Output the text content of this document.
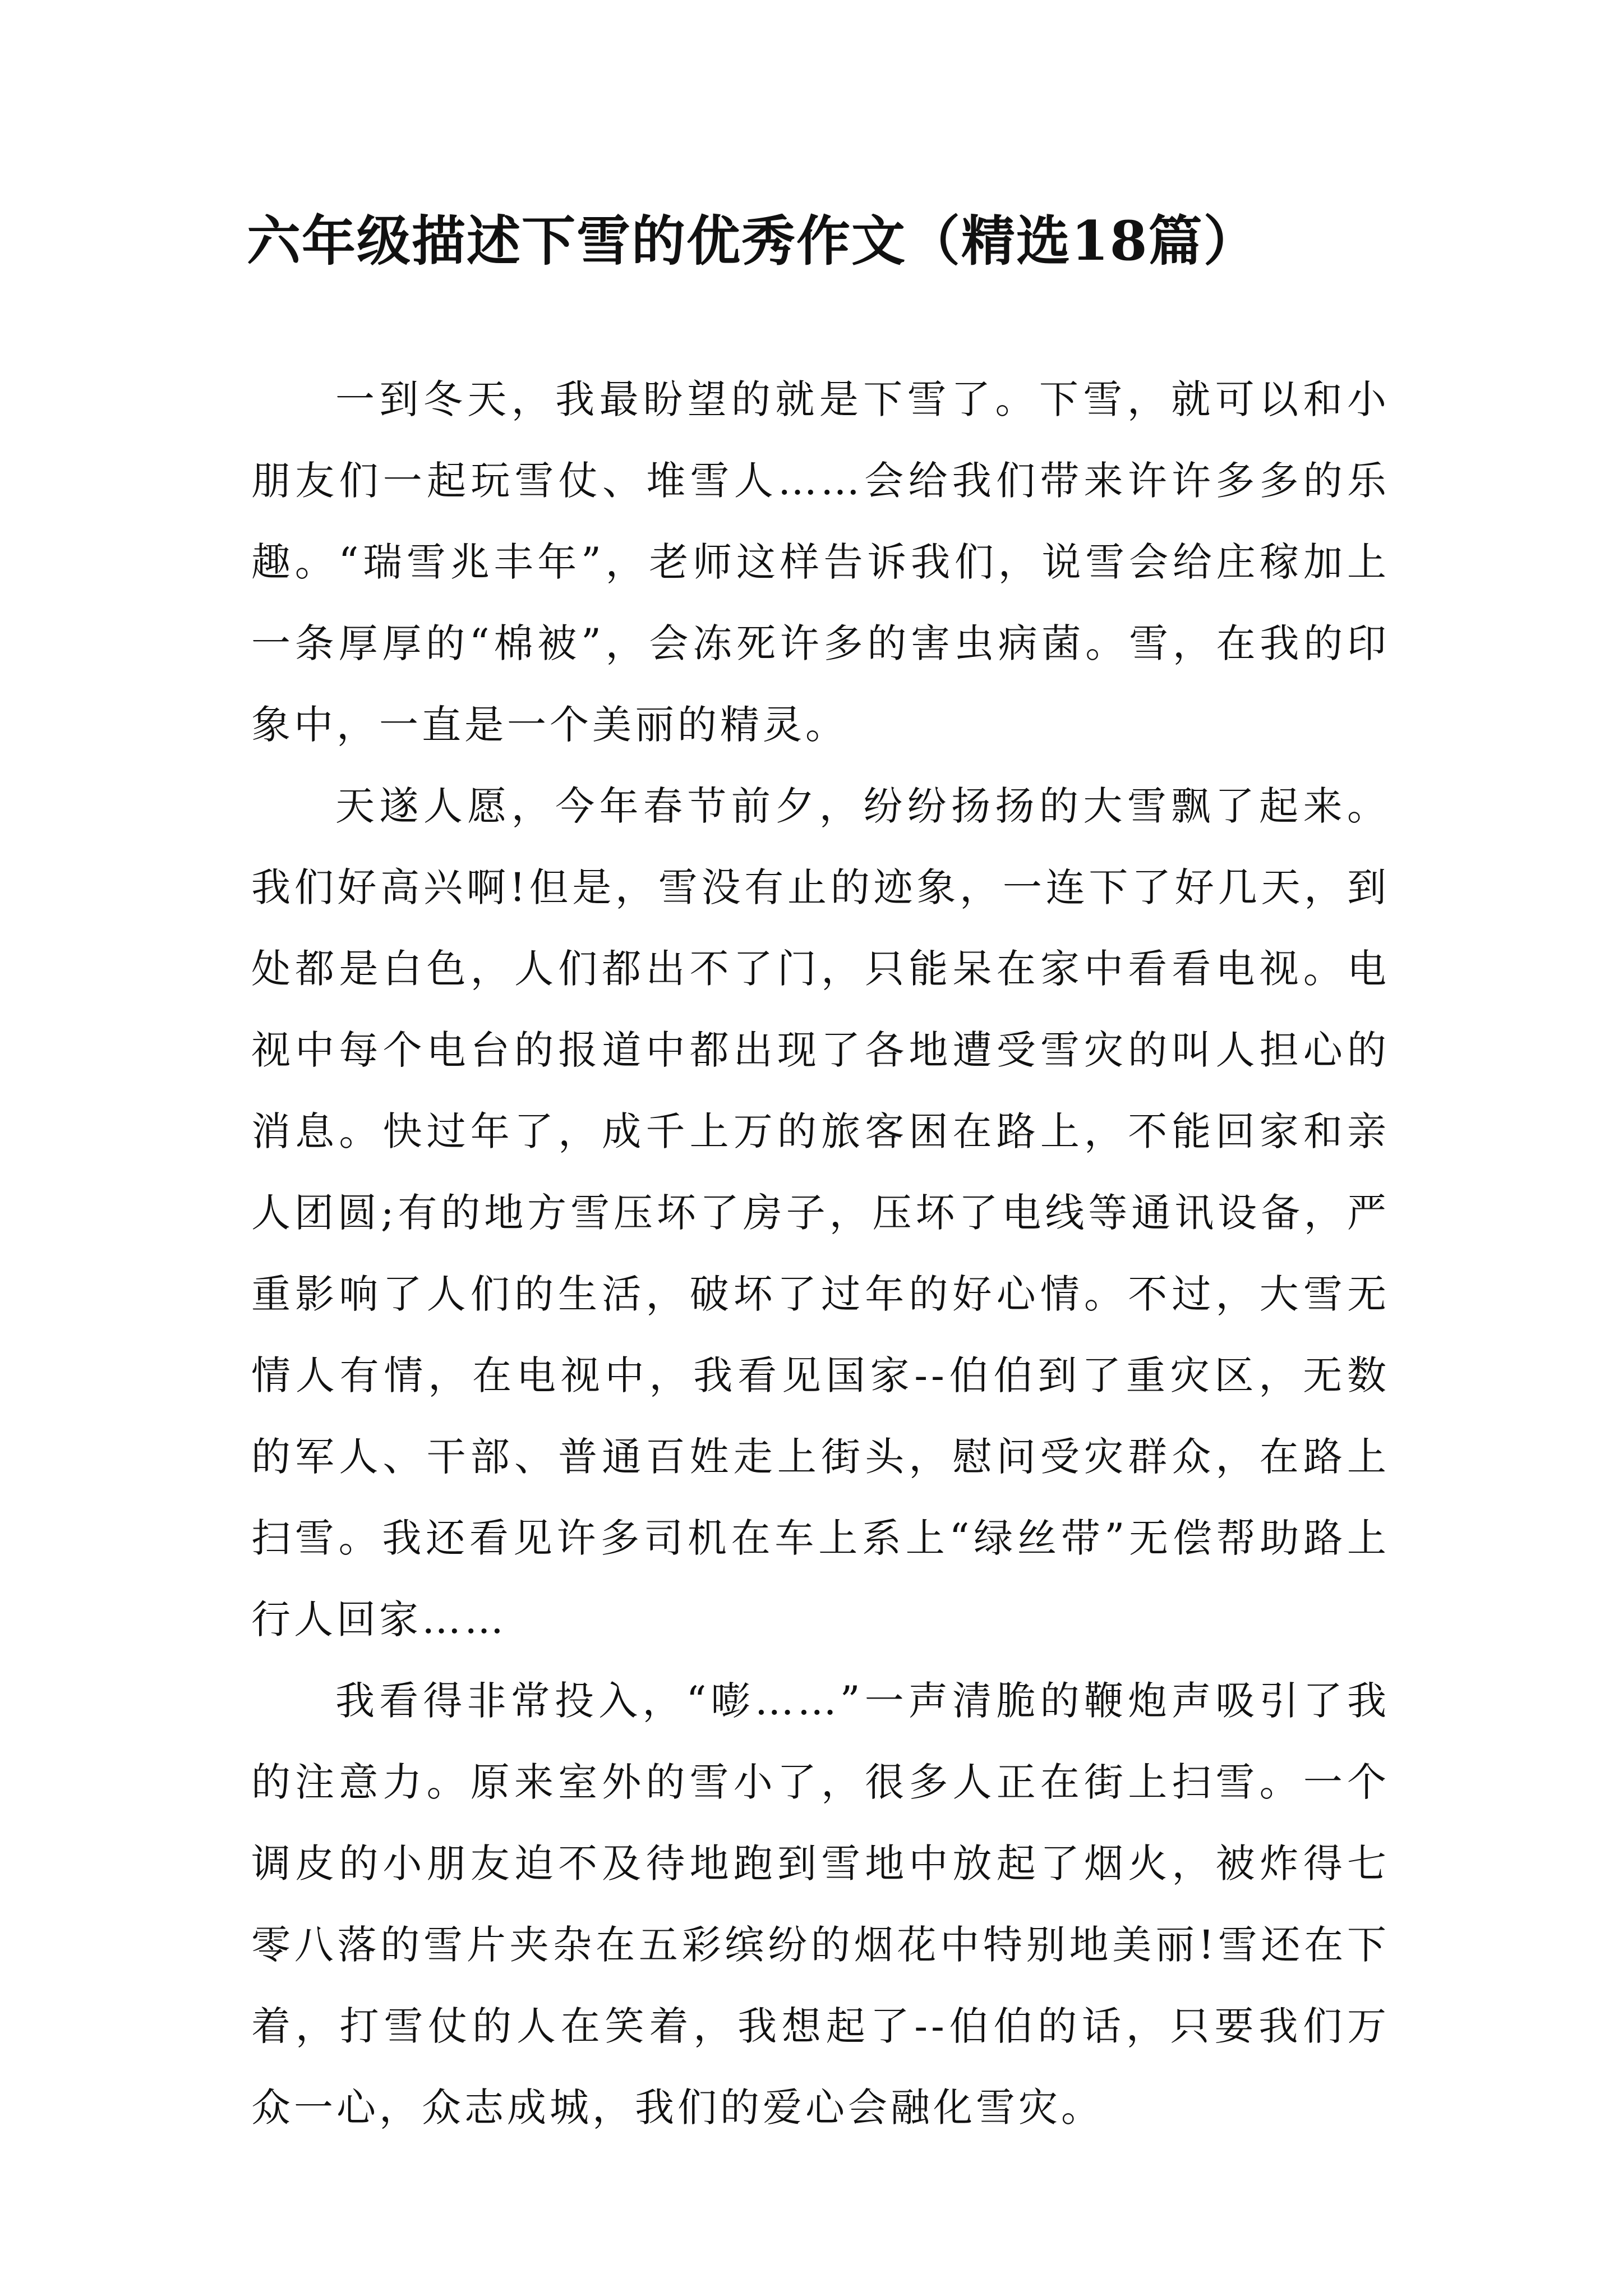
六年级描述下雪的优秀作文（精选18篇）

一到冬天，我最盼望的就是下雪了。下雪，就可以和小朋友们一起玩雪仗、堆雪人……会给我们带来许许多多的乐趣。“瑞雪兆丰年”，老师这样告诉我们，说雪会给庄稼加上一条厚厚的“棉被”，会冻死许多的害虫病菌。雪，在我的印象中，一直是一个美丽的精灵。

天遂人愿，今年春节前夕，纷纷扬扬的大雪飘了起来。我们好高兴啊!但是，雪没有止的迹象，一连下了好几天，到处都是白色，人们都出不了门，只能呆在家中看看电视。电视中每个电台的报道中都出现了各地遭受雪灾的叫人担心的消息。快过年了，成千上万的旅客困在路上，不能回家和亲人团圆;有的地方雪压坏了房子，压坏了电线等通讯设备，严重影响了人们的生活，破坏了过年的好心情。不过，大雪无情人有情，在电视中，我看见国家--伯伯到了重灾区，无数的军人、干部、普通百姓走上街头，慰问受灾群众，在路上扫雪。我还看见许多司机在车上系上“绿丝带”无偿帮助路上行人回家……

我看得非常投入，“嘭……”一声清脆的鞭炮声吸引了我的注意力。原来室外的雪小了，很多人正在街上扫雪。一个调皮的小朋友迫不及待地跑到雪地中放起了烟火，被炸得七零八落的雪片夹杂在五彩缤纷的烟花中特别地美丽!雪还在下着，打雪仗的人在笑着，我想起了--伯伯的话，只要我们万众一心，众志成城，我们的爱心会融化雪灾。
